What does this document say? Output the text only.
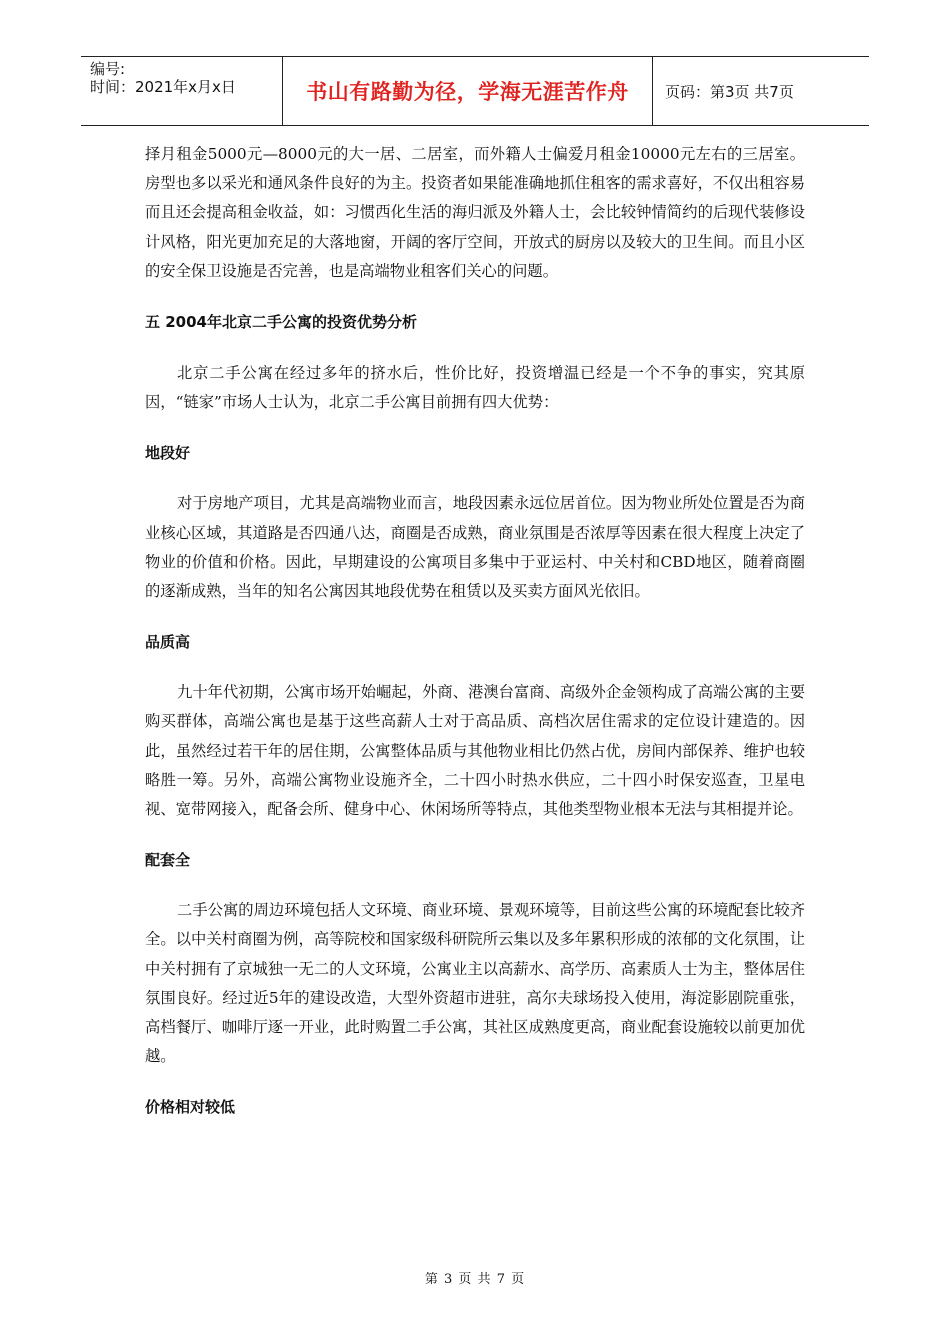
编号:
时间：2021年x月x日	书山有路勤为径，学海无涯苦作舟	页码：第3页 共7页

择月租金5000元—8000元的大一居、二居室，而外籍人士偏爱月租金10000元左右的三居室。房型也多以采光和通风条件良好的为主。投资者如果能准确地抓住租客的需求喜好，不仅出租容易而且还会提高租金收益，如：习惯西化生活的海归派及外籍人士，会比较钟情简约的后现代装修设计风格，阳光更加充足的大落地窗，开阔的客厅空间，开放式的厨房以及较大的卫生间。而且小区的安全保卫设施是否完善，也是高端物业租客们关心的问题。

五 2004年北京二手公寓的投资优势分析

北京二手公寓在经过多年的挤水后，性价比好，投资增温已经是一个不争的事实，究其原因，“链家”市场人士认为，北京二手公寓目前拥有四大优势：

地段好

对于房地产项目，尤其是高端物业而言，地段因素永远位居首位。因为物业所处位置是否为商业核心区域，其道路是否四通八达，商圈是否成熟，商业氛围是否浓厚等因素在很大程度上决定了物业的价值和价格。因此，早期建设的公寓项目多集中于亚运村、中关村和CBD地区，随着商圈的逐渐成熟，当年的知名公寓因其地段优势在租赁以及买卖方面风光依旧。

品质高

九十年代初期，公寓市场开始崛起，外商、港澳台富商、高级外企金领构成了高端公寓的主要购买群体，高端公寓也是基于这些高薪人士对于高品质、高档次居住需求的定位设计建造的。因此，虽然经过若干年的居住期，公寓整体品质与其他物业相比仍然占优，房间内部保养、维护也较略胜一筹。另外，高端公寓物业设施齐全，二十四小时热水供应，二十四小时保安巡查，卫星电视、宽带网接入，配备会所、健身中心、休闲场所等特点，其他类型物业根本无法与其相提并论。

配套全

二手公寓的周边环境包括人文环境、商业环境、景观环境等，目前这些公寓的环境配套比较齐全。以中关村商圈为例，高等院校和国家级科研院所云集以及多年累积形成的浓郁的文化氛围，让中关村拥有了京城独一无二的人文环境，公寓业主以高薪水、高学历、高素质人士为主，整体居住氛围良好。经过近5年的建设改造，大型外资超市进驻，高尔夫球场投入使用，海淀影剧院重张，高档餐厅、咖啡厅逐一开业，此时购置二手公寓，其社区成熟度更高，商业配套设施较以前更加优越。

价格相对较低

第 3 页 共 7 页
